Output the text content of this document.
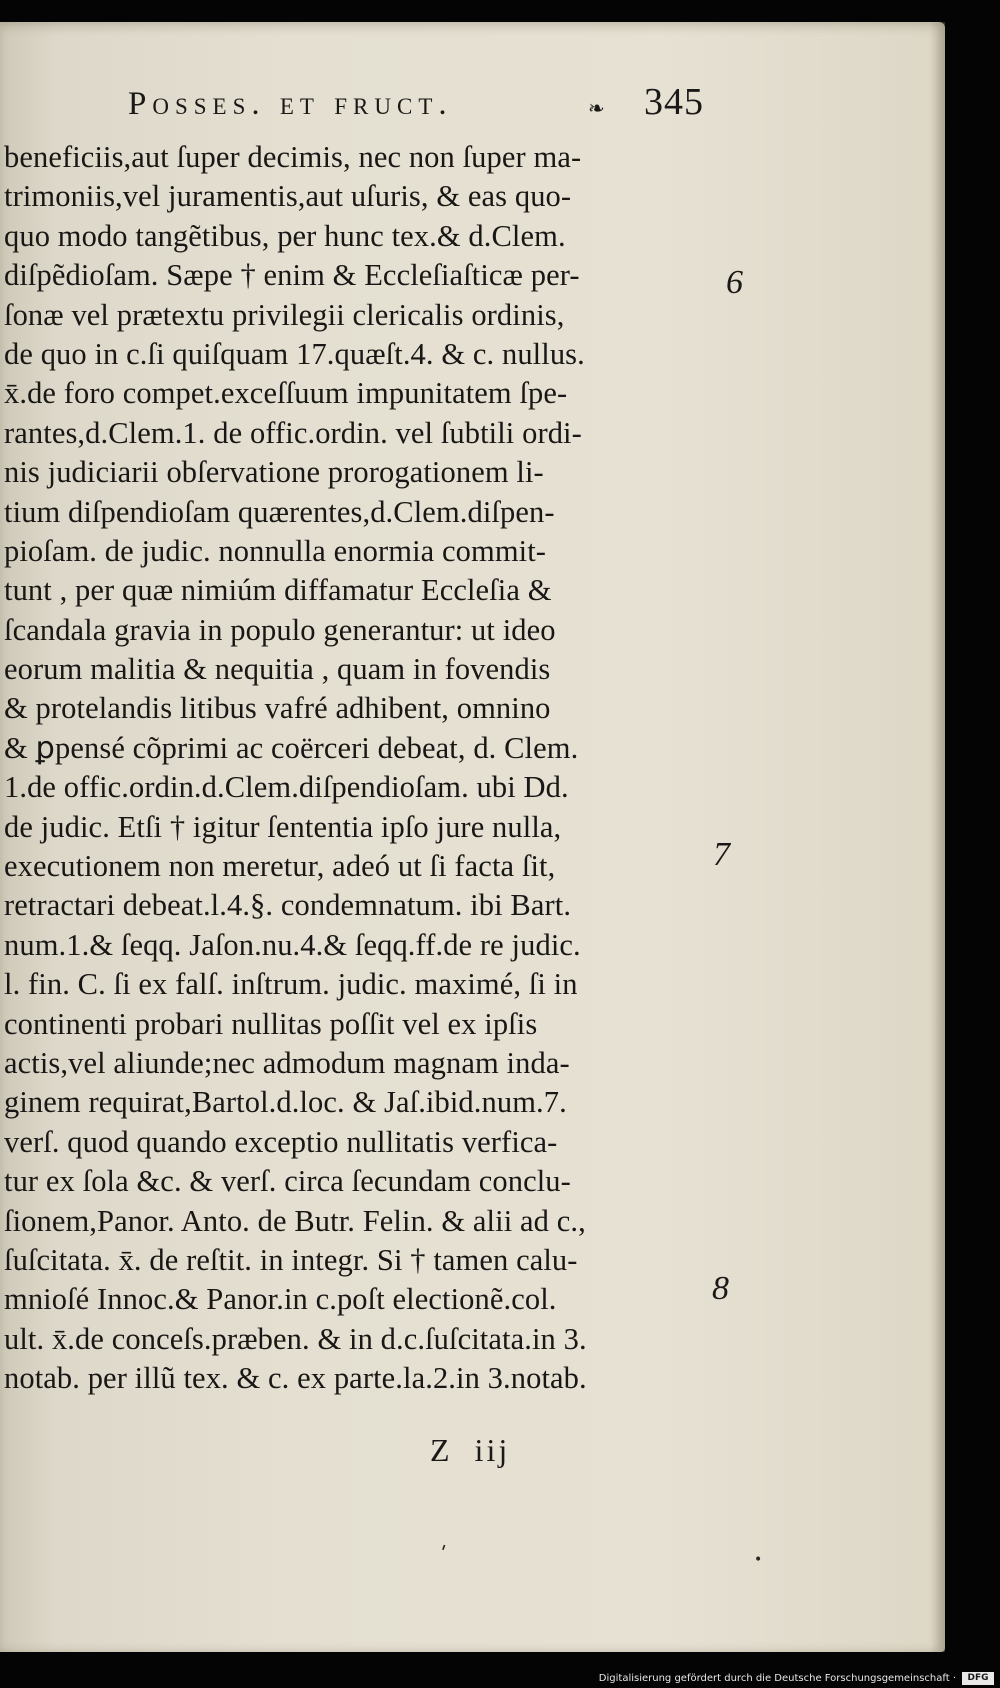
Posses. et fruct.	❧ 345
beneficiis,aut ſuper decimis, nec non ſuper ma-
trimoniis,vel juramentis,aut uſuris, & eas quo-
quo modo tangẽtibus, per hunc tex.& d.Clem.
diſpẽdioſam. Sæpe † enim & Eccleſiaſticæ per-
ſonæ vel prætextu privilegii clericalis ordinis,
de quo in c.ſi quiſquam 17.quæſt.4. & c. nullus.
x̄.de foro compet.exceſſuum impunitatem ſpe-
rantes,d.Clem.1. de offic.ordin. vel ſubtili ordi-
nis judiciarii obſervatione prorogationem li-
tium diſpendioſam quærentes,d.Clem.diſpen-
pioſam. de judic. nonnulla enormia commit-
tunt , per quæ nimiúm diffamatur Eccleſia &
ſcandala gravia in populo generantur: ut ideo
eorum malitia & nequitia , quam in fovendis
& protelandis litibus vafré adhibent, omnino
& ꝑpensé cõprimi ac coërceri debeat, d. Clem.
1.de offic.ordin.d.Clem.diſpendioſam. ubi Dd.
de judic. Etſi † igitur ſententia ipſo jure nulla,
executionem non meretur, adeó ut ſi facta ſit,
retractari debeat.l.4.§. condemnatum. ibi Bart.
num.1.& ſeqq. Jaſon.nu.4.& ſeqq.ff.de re judic.
l. fin. C. ſi ex falſ. inſtrum. judic. maximé, ſi in
continenti probari nullitas poſſit vel ex ipſis
actis,vel aliunde;nec admodum magnam inda-
ginem requirat,Bartol.d.loc. & Jaſ.ibid.num.7.
verſ. quod quando exceptio nullitatis verfica-
tur ex ſola &c. & verſ. circa ſecundam conclu-
ſionem,Panor. Anto. de Butr. Felin. & alii ad c.,
ſuſcitata. x̄. de reſtit. in integr. Si † tamen calu-
mnioſé Innoc.& Panor.in c.poſt electionẽ.col.
ult. x̄.de conceſs.præben. & in d.c.ſuſcitata.in 3.
notab. per illũ tex. & c. ex parte.la.2.in 3.notab.
6
7
8
Z iij
ˈ	•
Digitalisierung gefördert durch die Deutsche Forschungsgemeinschaft ·	DFG
